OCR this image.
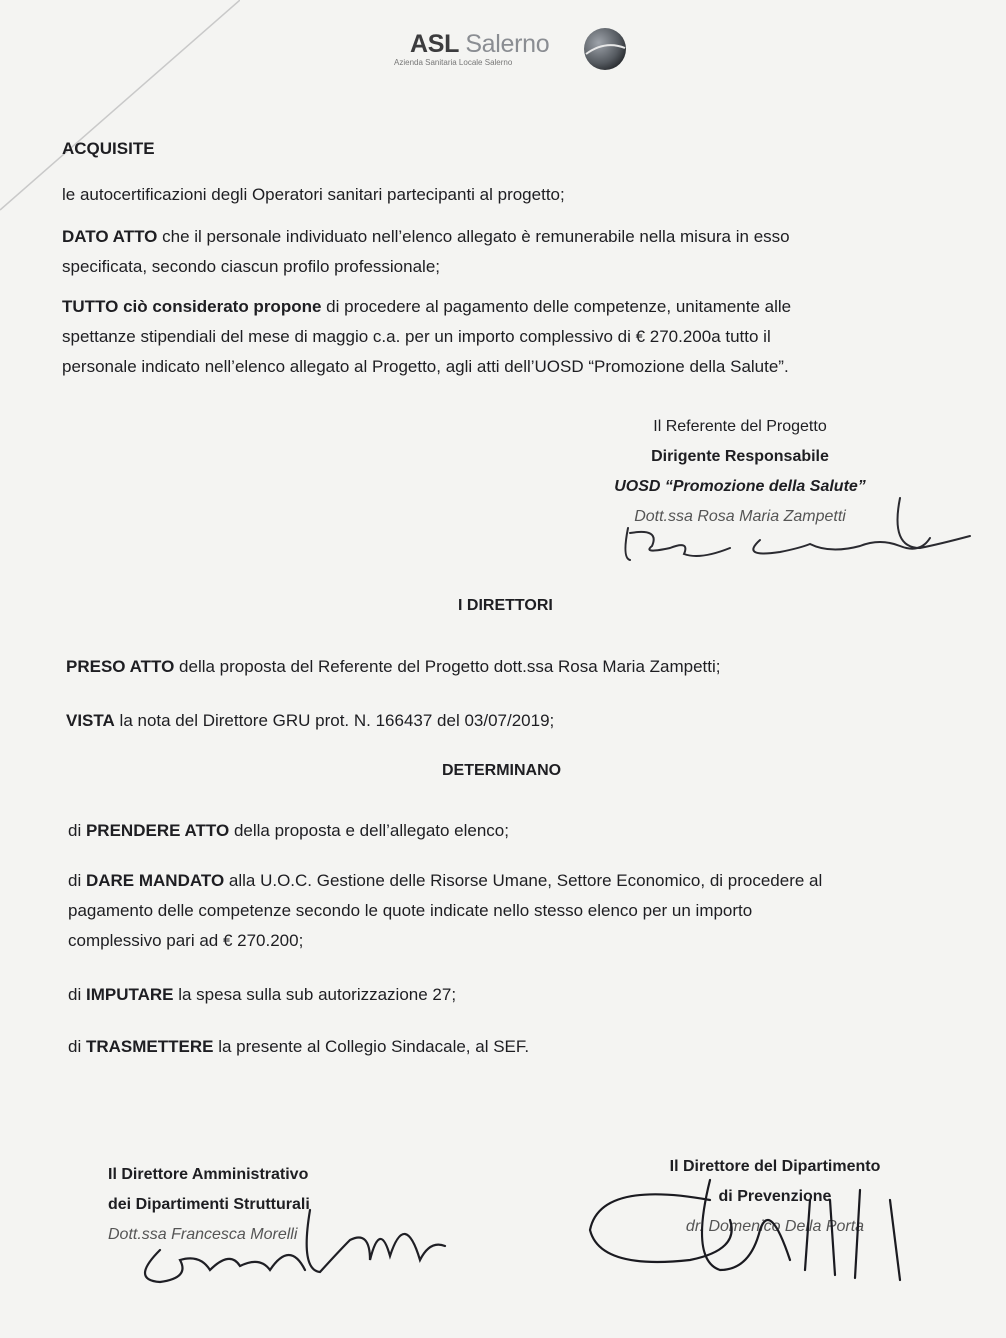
ASL Salerno
Azienda Sanitaria Locale Salerno

ACQUISITE

le autocertificazioni degli Operatori sanitari partecipanti al progetto;

DATO ATTO che il personale individuato nell’elenco allegato è remunerabile nella misura in esso

specificata, secondo ciascun profilo professionale;

TUTTO ciò considerato propone di procedere al pagamento delle competenze, unitamente alle

spettanze stipendiali del mese di maggio c.a. per un importo complessivo di € 270.200a tutto il

personale indicato nell’elenco allegato al Progetto, agli atti dell’UOSD “Promozione della Salute”.

Il Referente del Progetto
Dirigente Responsabile
UOSD “Promozione della Salute”
Dott.ssa Rosa Maria Zampetti
I DIRETTORI

PRESO ATTO della proposta del Referente del Progetto dott.ssa Rosa Maria Zampetti;

VISTA la nota del Direttore GRU prot. N. 166437 del 03/07/2019;

DETERMINANO

di PRENDERE ATTO della proposta e dell’allegato elenco;

di DARE MANDATO alla U.O.C. Gestione delle Risorse Umane, Settore Economico, di procedere al

pagamento delle competenze secondo le quote indicate nello stesso elenco per un importo

complessivo pari ad € 270.200;

di IMPUTARE la spesa sulla sub autorizzazione 27;

di TRASMETTERE la presente al Collegio Sindacale, al SEF.

Il Direttore Amministrativo
dei Dipartimenti Strutturali
Dott.ssa Francesca Morelli
Il Direttore del Dipartimento
di Prevenzione
dr. Domenico Della Porta
